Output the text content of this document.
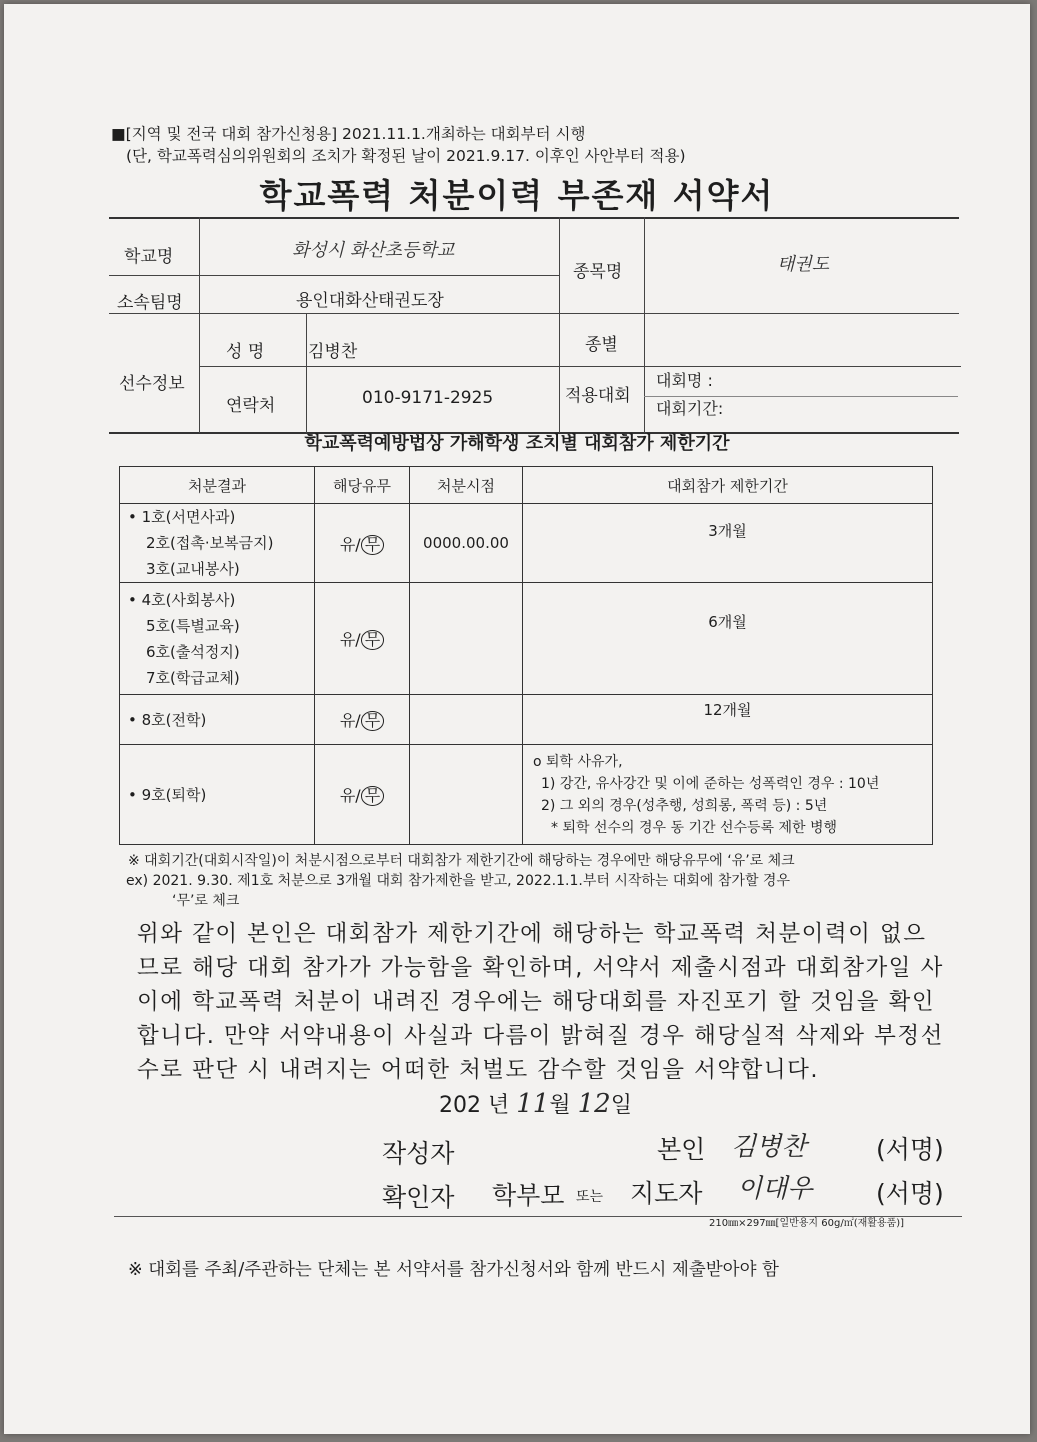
■[지역 및 전국 대회 참가신청용] 2021.11.1.개최하는 대회부터 시행
(단, 학교폭력심의위원회의 조치가 확정된 날이 2021.9.17. 이후인 사안부터 적용)
학교폭력 처분이력 부존재 서약서
학교명	화성시 화산초등학교
소속팀명	용인대화산태권도장
종목명	태권도
선수정보
성 명	김병찬
연락처	010-9171-2925
종별
적용대회
대회명 :
대회기간:
학교폭력예방법상 가해학생 조치별 대회참가 제한기간
처분결과	해당유무	처분시점	대회참가 제한기간

• 1호(서면사과)
2호(접촉·보복금지)
3호(교내봉사)	유/ 무	0000.00.00	3개월

• 4호(사회봉사)
5호(특별교육)
6호(출석정지)
7호(학급교체)	유/ 무		6개월

• 8호(전학)	유/ 무		12개월

• 9호(퇴학)	유/ 무		o 퇴학 사유가,
1) 강간, 유사강간 및 이에 준하는 성폭력인 경우 : 10년
2) 그 외의 경우(성추행, 성희롱, 폭력 등) : 5년
* 퇴학 선수의 경우 동 기간 선수등록 제한 병행
※ 대회기간(대회시작일)이 처분시점으로부터 대회참가 제한기간에 해당하는 경우에만 해당유무에 ‘유’로 체크
ex) 2021. 9.30. 제1호 처분으로 3개월 대회 참가제한을 받고, 2022.1.1.부터 시작하는 대회에 참가할 경우
‘무’로 체크
위와 같이 본인은 대회참가 제한기간에 해당하는 학교폭력 처분이력이 없으므로 해당 대회 참가가 가능함을 확인하며, 서약서 제출시점과 대회참가일 사이에 학교폭력 처분이 내려진 경우에는 해당대회를 자진포기 할 것임을 확인합니다. 만약 서약내용이 사실과 다름이 밝혀질 경우 해당실적 삭제와 부정선수로 판단 시 내려지는 어떠한 처벌도 감수할 것임을 서약합니다.
202 년 11월 12일
작성자	본인 김병찬	(서명)
확인자 학부모 또는 지도자 이대우	(서명)
210㎜×297㎜[일반용지 60g/㎡(재활용품)]
※ 대회를 주최/주관하는 단체는 본 서약서를 참가신청서와 함께 반드시 제출받아야 함
